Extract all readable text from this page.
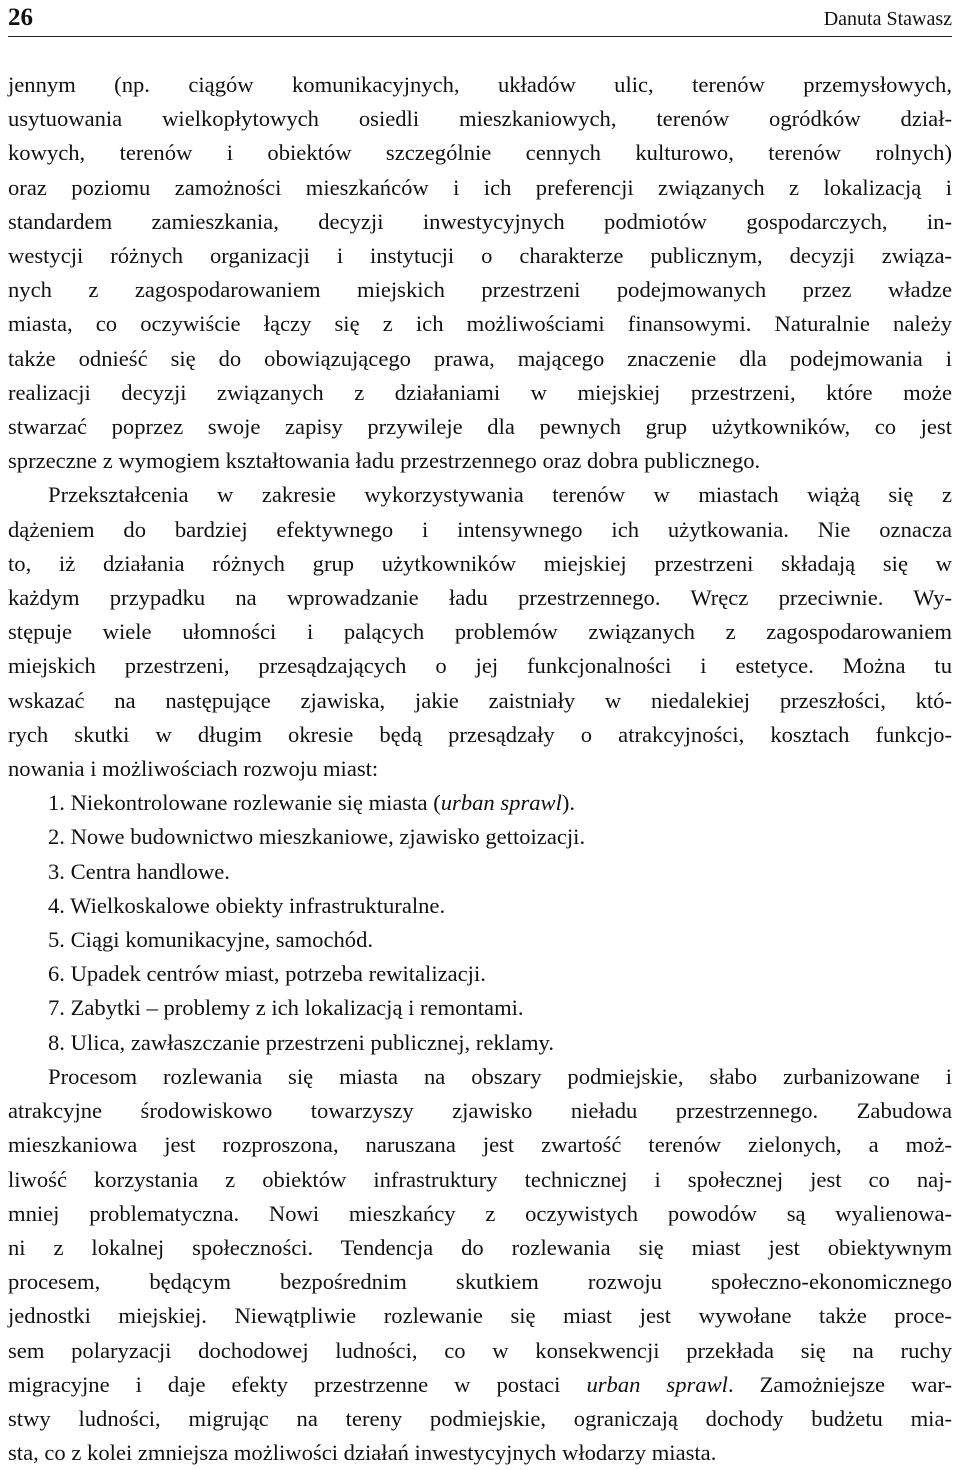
26	Danuta Stawasz

jennym (np. ciągów komunikacyjnych, układów ulic, terenów przemysłowych,
usytuowania wielkopłytowych osiedli mieszkaniowych, terenów ogródków dział-
kowych, terenów i obiektów szczególnie cennych kulturowo, terenów rolnych)
oraz poziomu zamożności mieszkańców i ich preferencji związanych z lokalizacją i
standardem zamieszkania, decyzji inwestycyjnych podmiotów gospodarczych, in-
westycji różnych organizacji i instytucji o charakterze publicznym, decyzji związa-
nych z zagospodarowaniem miejskich przestrzeni podejmowanych przez władze
miasta, co oczywiście łączy się z ich możliwościami finansowymi. Naturalnie należy
także odnieść się do obowiązującego prawa, mającego znaczenie dla podejmowania i
realizacji decyzji związanych z działaniami w miejskiej przestrzeni, które może
stwarzać poprzez swoje zapisy przywileje dla pewnych grup użytkowników, co jest
sprzeczne z wymogiem kształtowania ładu przestrzennego oraz dobra publicznego.

Przekształcenia w zakresie wykorzystywania terenów w miastach wiążą się z
dążeniem do bardziej efektywnego i intensywnego ich użytkowania. Nie oznacza
to, iż działania różnych grup użytkowników miejskiej przestrzeni składają się w
każdym przypadku na wprowadzanie ładu przestrzennego. Wręcz przeciwnie. Wy-
stępuje wiele ułomności i palących problemów związanych z zagospodarowaniem
miejskich przestrzeni, przesądzających o jej funkcjonalności i estetyce. Można tu
wskazać na następujące zjawiska, jakie zaistniały w niedalekiej przeszłości, któ-
rych skutki w długim okresie będą przesądzały o atrakcyjności, kosztach funkcjo-
nowania i możliwościach rozwoju miast:

1. Niekontrolowane rozlewanie się miasta (urban sprawl).
2. Nowe budownictwo mieszkaniowe, zjawisko gettoizacji.
3. Centra handlowe.
4. Wielkoskalowe obiekty infrastrukturalne.
5. Ciągi komunikacyjne, samochód.
6. Upadek centrów miast, potrzeba rewitalizacji.
7. Zabytki – problemy z ich lokalizacją i remontami.
8. Ulica, zawłaszczanie przestrzeni publicznej, reklamy.

Procesom rozlewania się miasta na obszary podmiejskie, słabo zurbanizowane i
atrakcyjne środowiskowo towarzyszy zjawisko nieładu przestrzennego. Zabudowa
mieszkaniowa jest rozproszona, naruszana jest zwartość terenów zielonych, a moż-
liwość korzystania z obiektów infrastruktury technicznej i społecznej jest co naj-
mniej problematyczna. Nowi mieszkańcy z oczywistych powodów są wyalienowa-
ni z lokalnej społeczności. Tendencja do rozlewania się miast jest obiektywnym
procesem, będącym bezpośrednim skutkiem rozwoju społeczno-ekonomicznego
jednostki miejskiej. Niewątpliwie rozlewanie się miast jest wywołane także proce-
sem polaryzacji dochodowej ludności, co w konsekwencji przekłada się na ruchy
migracyjne i daje efekty przestrzenne w postaci urban sprawl. Zamożniejsze war-
stwy ludności, migrując na tereny podmiejskie, ograniczają dochody budżetu mia-
sta, co z kolei zmniejsza możliwości działań inwestycyjnych włodarzy miasta.
